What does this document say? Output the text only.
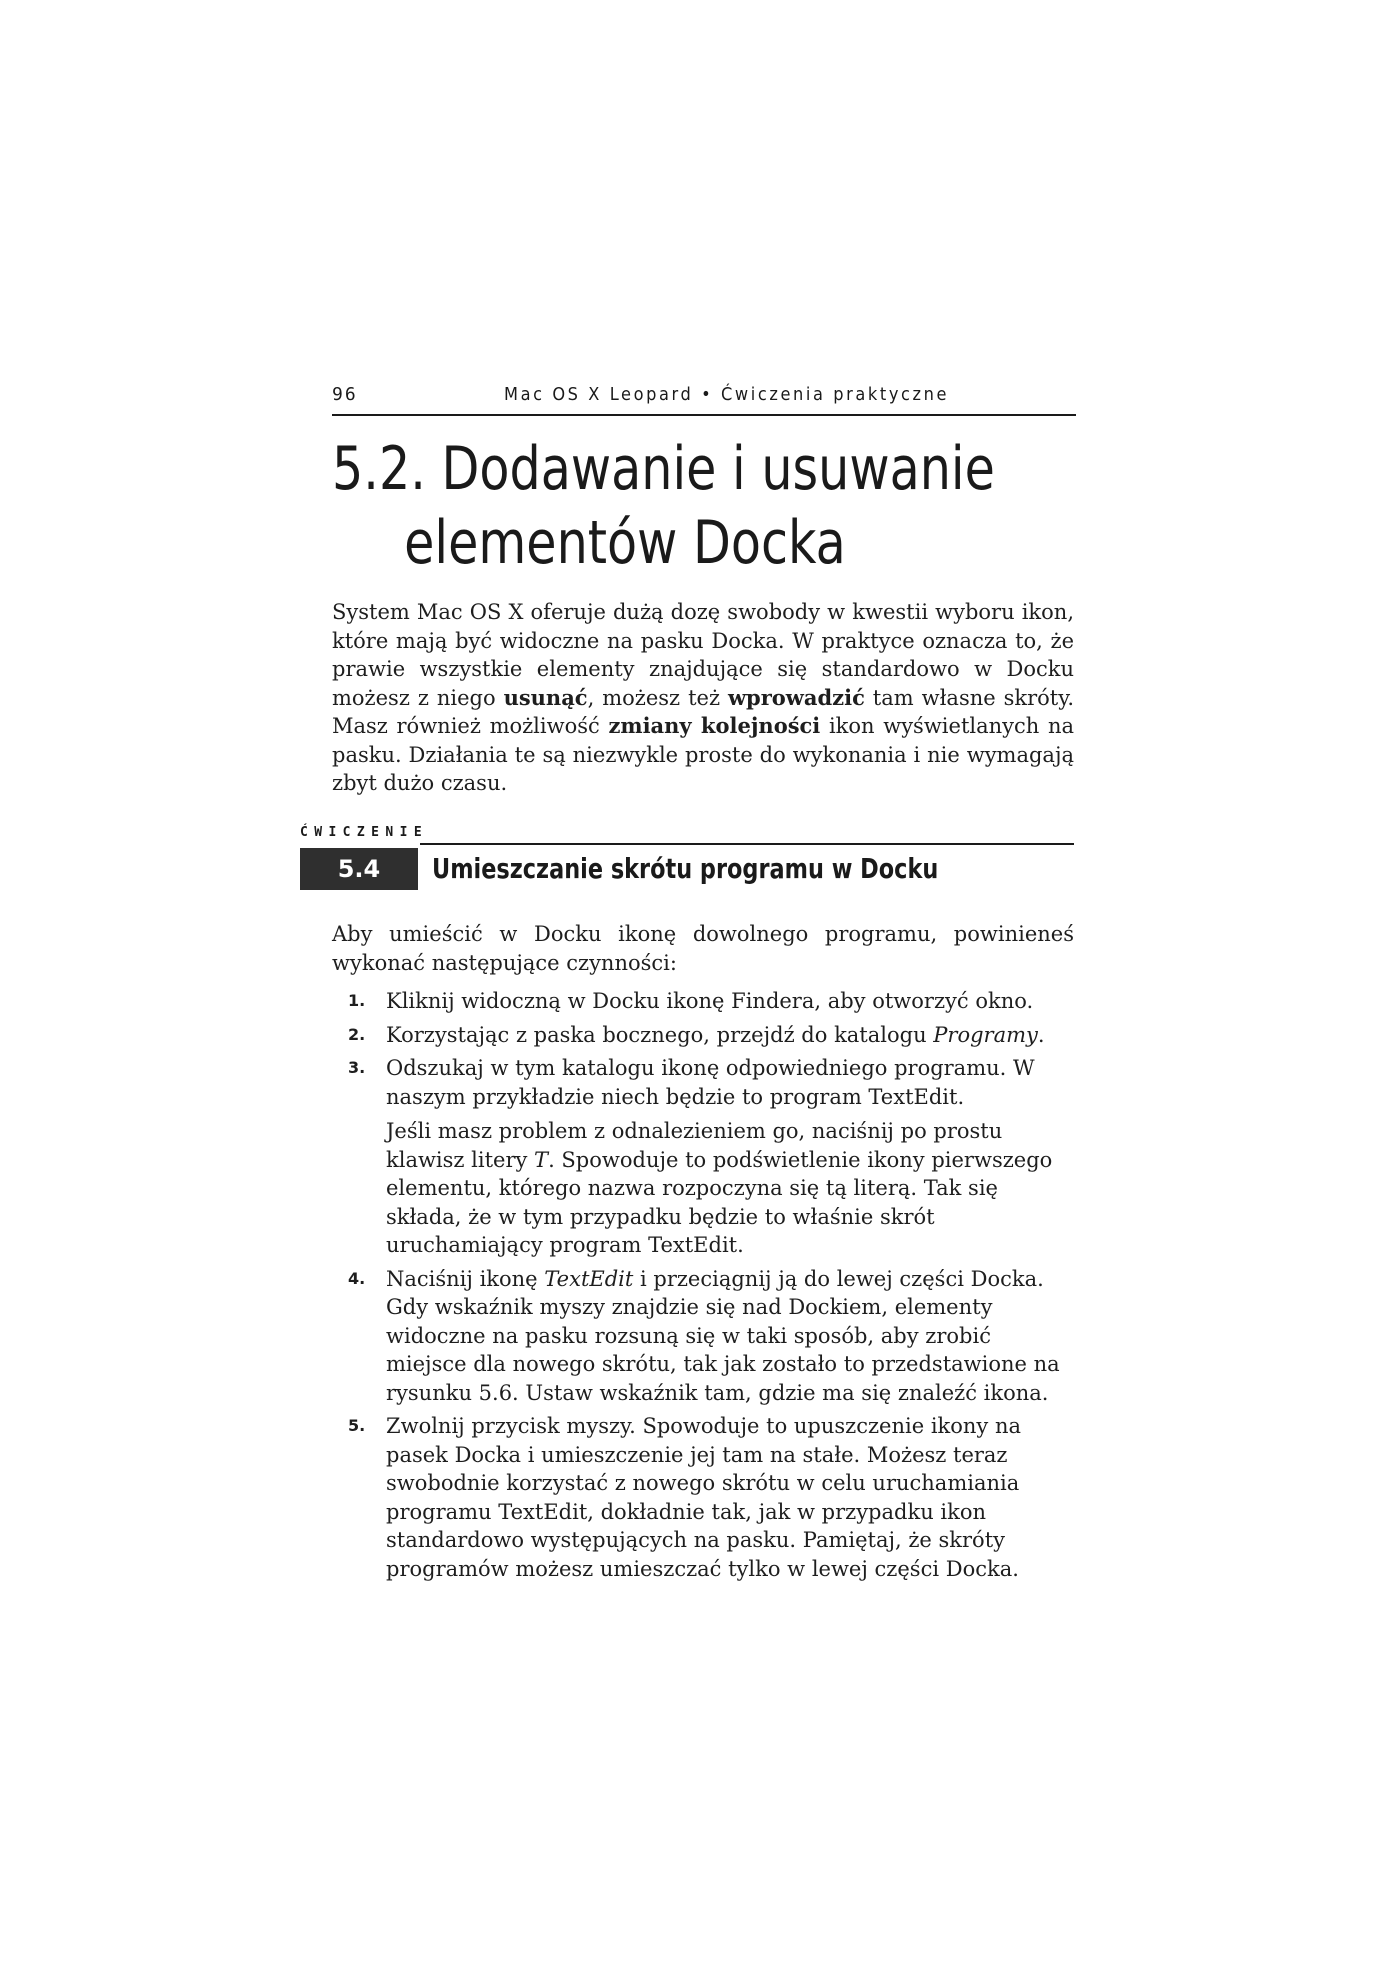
96	Mac OS X Leopard • Ćwiczenia praktyczne
5.2. Dodawanie i usuwanie
elementów Docka

System Mac OS X oferuje dużą dozę swobody w kwestii wyboru ikon, które mają być widoczne na pasku Docka. W praktyce oznacza to, że prawie wszystkie elementy znajdujące się standardowo w Docku możesz z niego usunąć, możesz też wprowadzić tam własne skróty. Masz również możliwość zmiany kolejności ikon wyświetlanych na pasku. Działania te są niezwykle proste do wykonania i nie wymagają zbyt dużo czasu.

ĆWICZENIE
5.4	Umieszczanie skrótu programu w Docku

Aby umieścić w Docku ikonę dowolnego programu, powinieneś wykonać następujące czynności:

1. Kliknij widoczną w Docku ikonę Findera, aby otworzyć okno.
2. Korzystając z paska bocznego, przejdź do katalogu Programy.
3. Odszukaj w tym katalogu ikonę odpowiedniego programu. W naszym przykładzie niech będzie to program TextEdit.
Jeśli masz problem z odnalezieniem go, naciśnij po prostu klawisz litery T. Spowoduje to podświetlenie ikony pierwszego elementu, którego nazwa rozpoczyna się tą literą. Tak się składa, że w tym przypadku będzie to właśnie skrót uruchamiający program TextEdit.
4. Naciśnij ikonę TextEdit i przeciągnij ją do lewej części Docka. Gdy wskaźnik myszy znajdzie się nad Dockiem, elementy widoczne na pasku rozsuną się w taki sposób, aby zrobić miejsce dla nowego skrótu, tak jak zostało to przedstawione na rysunku 5.6. Ustaw wskaźnik tam, gdzie ma się znaleźć ikona.
5. Zwolnij przycisk myszy. Spowoduje to upuszczenie ikony na pasek Docka i umieszczenie jej tam na stałe. Możesz teraz swobodnie korzystać z nowego skrótu w celu uruchamiania programu TextEdit, dokładnie tak, jak w przypadku ikon standardowo występujących na pasku. Pamiętaj, że skróty programów możesz umieszczać tylko w lewej części Docka.
